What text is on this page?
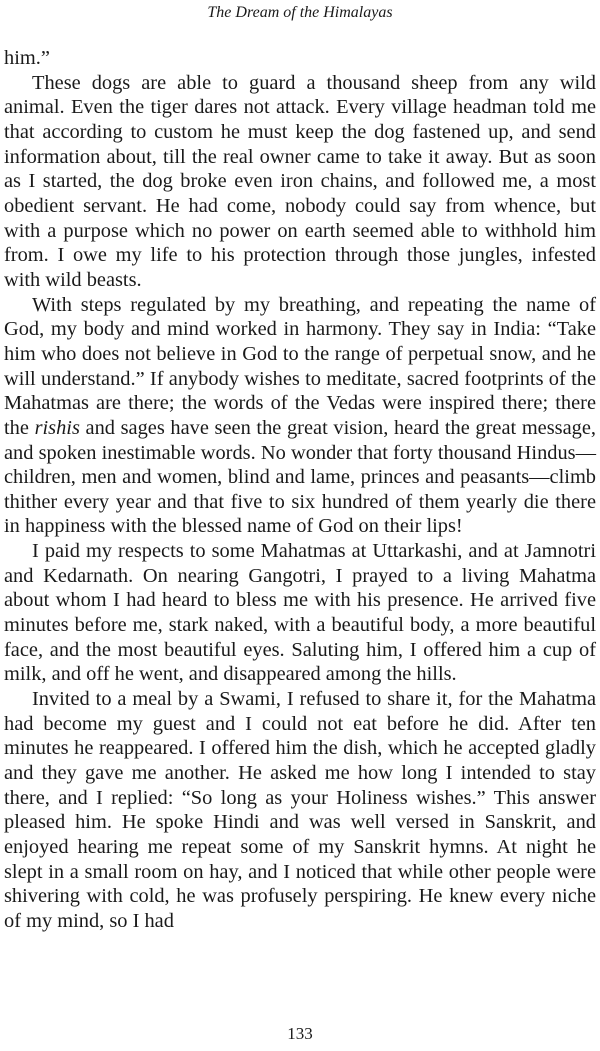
The Dream of the Himalayas

him.”

These dogs are able to guard a thousand sheep from any wild animal. Even the tiger dares not attack. Every village headman told me that according to custom he must keep the dog fastened up, and send information about, till the real owner came to take it away. But as soon as I started, the dog broke even iron chains, and followed me, a most obedient servant. He had come, nobody could say from whence, but with a purpose which no power on earth seemed able to withhold him from. I owe my life to his protection through those jungles, infested with wild beasts.

With steps regulated by my breathing, and repeating the name of God, my body and mind worked in harmony. They say in India: “Take him who does not believe in God to the range of perpetual snow, and he will understand.” If anybody wishes to meditate, sacred footprints of the Mahatmas are there; the words of the Vedas were inspired there; there the rishis and sages have seen the great vision, heard the great message, and spoken inestimable words. No wonder that forty thousand Hindus—children, men and women, blind and lame, princes and peasants—climb thither every year and that five to six hundred of them yearly die there in happiness with the blessed name of God on their lips!

I paid my respects to some Mahatmas at Uttarkashi, and at Jamnotri and Kedarnath. On nearing Gangotri, I prayed to a living Mahatma about whom I had heard to bless me with his presence. He arrived five minutes before me, stark naked, with a beautiful body, a more beautiful face, and the most beautiful eyes. Saluting him, I offered him a cup of milk, and off he went, and disappeared among the hills.

Invited to a meal by a Swami, I refused to share it, for the Mahatma had become my guest and I could not eat before he did. After ten minutes he reappeared. I offered him the dish, which he accepted gladly and they gave me another. He asked me how long I intended to stay there, and I replied: “So long as your Holiness wishes.” This answer pleased him. He spoke Hindi and was well versed in Sanskrit, and enjoyed hearing me repeat some of my Sanskrit hymns. At night he slept in a small room on hay, and I noticed that while other people were shivering with cold, he was profusely perspiring. He knew every niche of my mind, so I had

133
